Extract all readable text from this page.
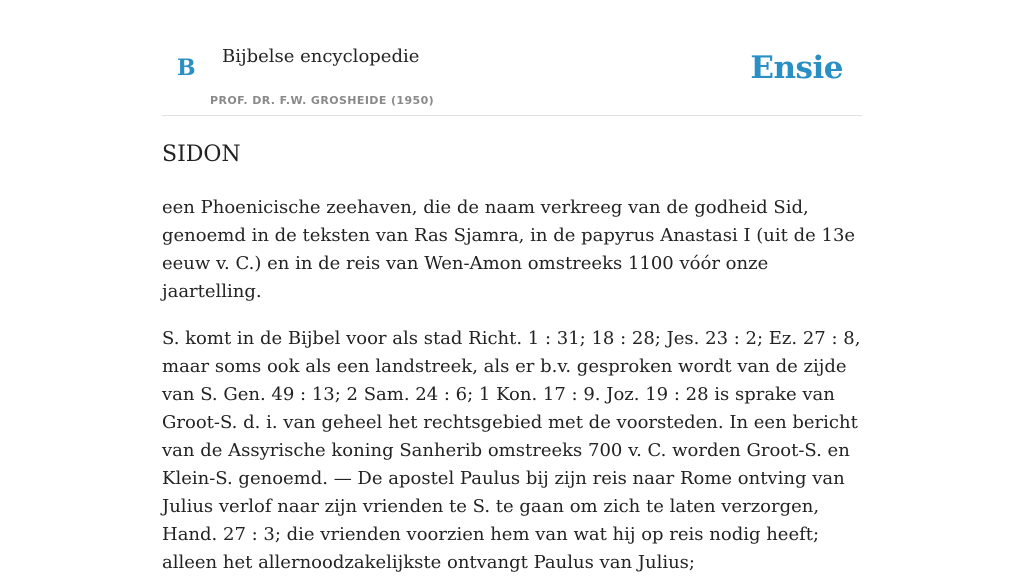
B Bijbelse encyclopedie
PROF. DR. F.W. GROSHEIDE (1950)
Ensie
SIDON

een Phoenicische zeehaven, die de naam verkreeg van de godheid Sid, genoemd in de teksten van Ras Sjamra, in de papyrus Anastasi I (uit de 13e eeuw v. C.) en in de reis van Wen-Amon omstreeks 1100 vóór onze jaartelling.

S. komt in de Bijbel voor als stad Richt. 1 : 31; 18 : 28; Jes. 23 : 2; Ez. 27 : 8, maar soms ook als een landstreek, als er b.v. gesproken wordt van de zijde van S. Gen. 49 : 13; 2 Sam. 24 : 6; 1 Kon. 17 : 9. Joz. 19 : 28 is sprake van Groot-S. d. i. van geheel het rechtsgebied met de voorsteden. In een bericht van de Assyrische koning Sanherib omstreeks 700 v. C. worden Groot-S. en Klein-S. genoemd. — De apostel Paulus bij zijn reis naar Rome ontving van Julius verlof naar zijn vrienden te S. te gaan om zich te laten verzorgen, Hand. 27 : 3; die vrienden voorzien hem van wat hij op reis nodig heeft; alleen het allernoodzakelijkste ontvangt Paulus van Julius;
